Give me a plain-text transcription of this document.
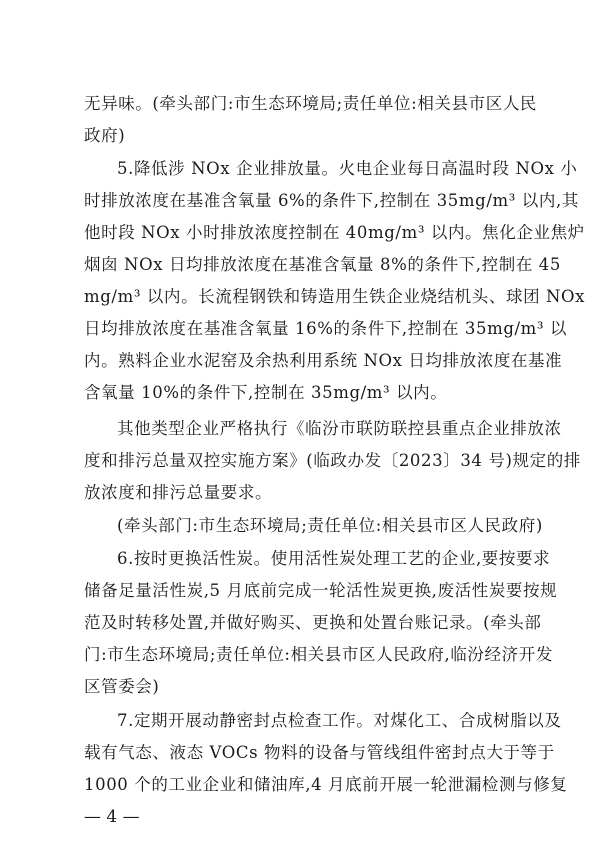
无异味。(牵头部门:市生态环境局;责任单位:相关县市区人民
政府)
5.降低涉 NOx 企业排放量。火电企业每日高温时段 NOx 小
时排放浓度在基准含氧量 6%的条件下,控制在 35mg/m³ 以内,其
他时段 NOx 小时排放浓度控制在 40mg/m³ 以内。焦化企业焦炉
烟囱 NOx 日均排放浓度在基准含氧量 8%的条件下,控制在 45
mg/m³ 以内。长流程钢铁和铸造用生铁企业烧结机头、球团 NOx
日均排放浓度在基准含氧量 16%的条件下,控制在 35mg/m³ 以
内。熟料企业水泥窑及余热利用系统 NOx 日均排放浓度在基准
含氧量 10%的条件下,控制在 35mg/m³ 以内。
其他类型企业严格执行《临汾市联防联控县重点企业排放浓
度和排污总量双控实施方案》(临政办发〔2023〕34 号)规定的排
放浓度和排污总量要求。
(牵头部门:市生态环境局;责任单位:相关县市区人民政府)
6.按时更换活性炭。使用活性炭处理工艺的企业,要按要求
储备足量活性炭,5 月底前完成一轮活性炭更换,废活性炭要按规
范及时转移处置,并做好购买、更换和处置台账记录。(牵头部
门:市生态环境局;责任单位:相关县市区人民政府,临汾经济开发
区管委会)
7.定期开展动静密封点检查工作。对煤化工、合成树脂以及
载有气态、液态 VOCs 物料的设备与管线组件密封点大于等于
1000 个的工业企业和储油库,4 月底前开展一轮泄漏检测与修复
— 4 —
